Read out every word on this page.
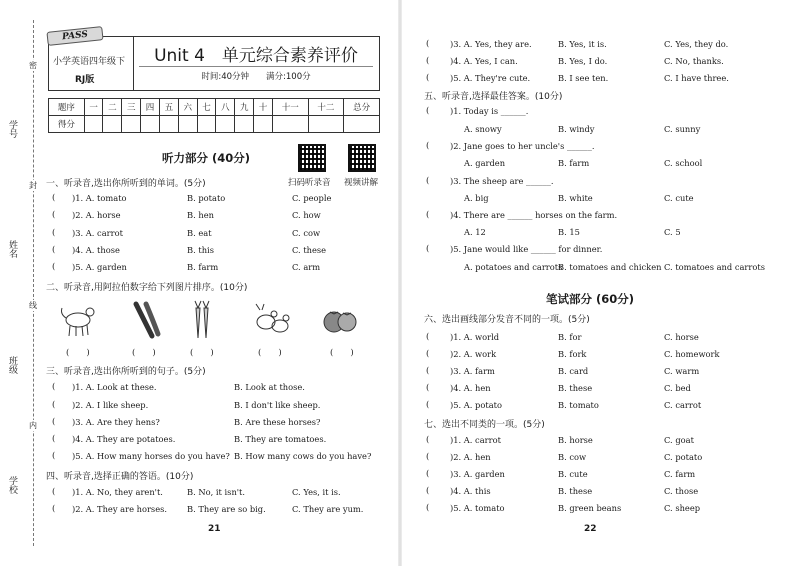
学号
姓名
班级
学校
密
封
线
内
PASS
小学英语四年级下
RJ版
Unit 4　单元综合素养评价
时间:40分钟　　满分:100分
题序	一	二	三	四	五	六	七	八	九	十	十一	十二	总分
得分													
听力部分 (40分)
扫码听录音 视频讲解
一、听录音,选出你所听到的单词。(5分)
( )1. A. tomato	B. potato	C. people
( )2. A. horse	B. hen	C. how
( )3. A. carrot	B. eat	C. cow
( )4. A. those	B. this	C. these
( )5. A. garden	B. farm	C. arm
二、听录音,用阿拉伯数字给下列图片排序。(10分)
(　　)	(　　)	(　　)	(　　)	(　　)
三、听录音,选出你所听到的句子。(5分)
( )1. A. Look at these.	B. Look at those.
( )2. A. I like sheep.	B. I don't like sheep.
( )3. A. Are they hens?	B. Are these horses?
( )4. A. They are potatoes.	B. They are tomatoes.
( )5. A. How many horses do you have? B. How many cows do you have?
四、听录音,选择正确的答语。(10分)
( )1. A. No, they aren't.	B. No, it isn't.	C. Yes, it is.
( )2. A. They are horses. B. They are so big.	C. They are yum.
21
( )3. A. Yes, they are.	B. Yes, it is.	C. Yes, they do.
( )4. A. Yes, I can.	B. Yes, I do.	C. No, thanks.
( )5. A. They're cute.	B. I see ten.	C. I have three.
五、听录音,选择最佳答案。(10分)
( )1. Today is ______.
A. snowy	B. windy	C. sunny
( )2. Jane goes to her uncle's ______.
A. garden	B. farm	C. school
( )3. The sheep are ______.
A. big	B. white	C. cute
( )4. There are ______ horses on the farm.
A. 12	B. 15	C. 5
( )5. Jane would like ______ for dinner.
A. potatoes and carrots
B. tomatoes and chicken C. tomatoes and carrots
笔试部分 (60分)
六、选出画线部分发音不同的一项。(5分)
( )1. A. world	B. for	C. horse
( )2. A. work	B. fork	C. homework
( )3. A. farm	B. card	C. warm
( )4. A. hen	B. these	C. bed
( )5. A. potato	B. tomato	C. carrot
七、选出不同类的一项。(5分)
( )1. A. carrot	B. horse	C. goat
( )2. A. hen	B. cow	C. potato
( )3. A. garden	B. cute	C. farm
( )4. A. this	B. these	C. those
( )5. A. tomato	B. green beans	C. sheep
22
